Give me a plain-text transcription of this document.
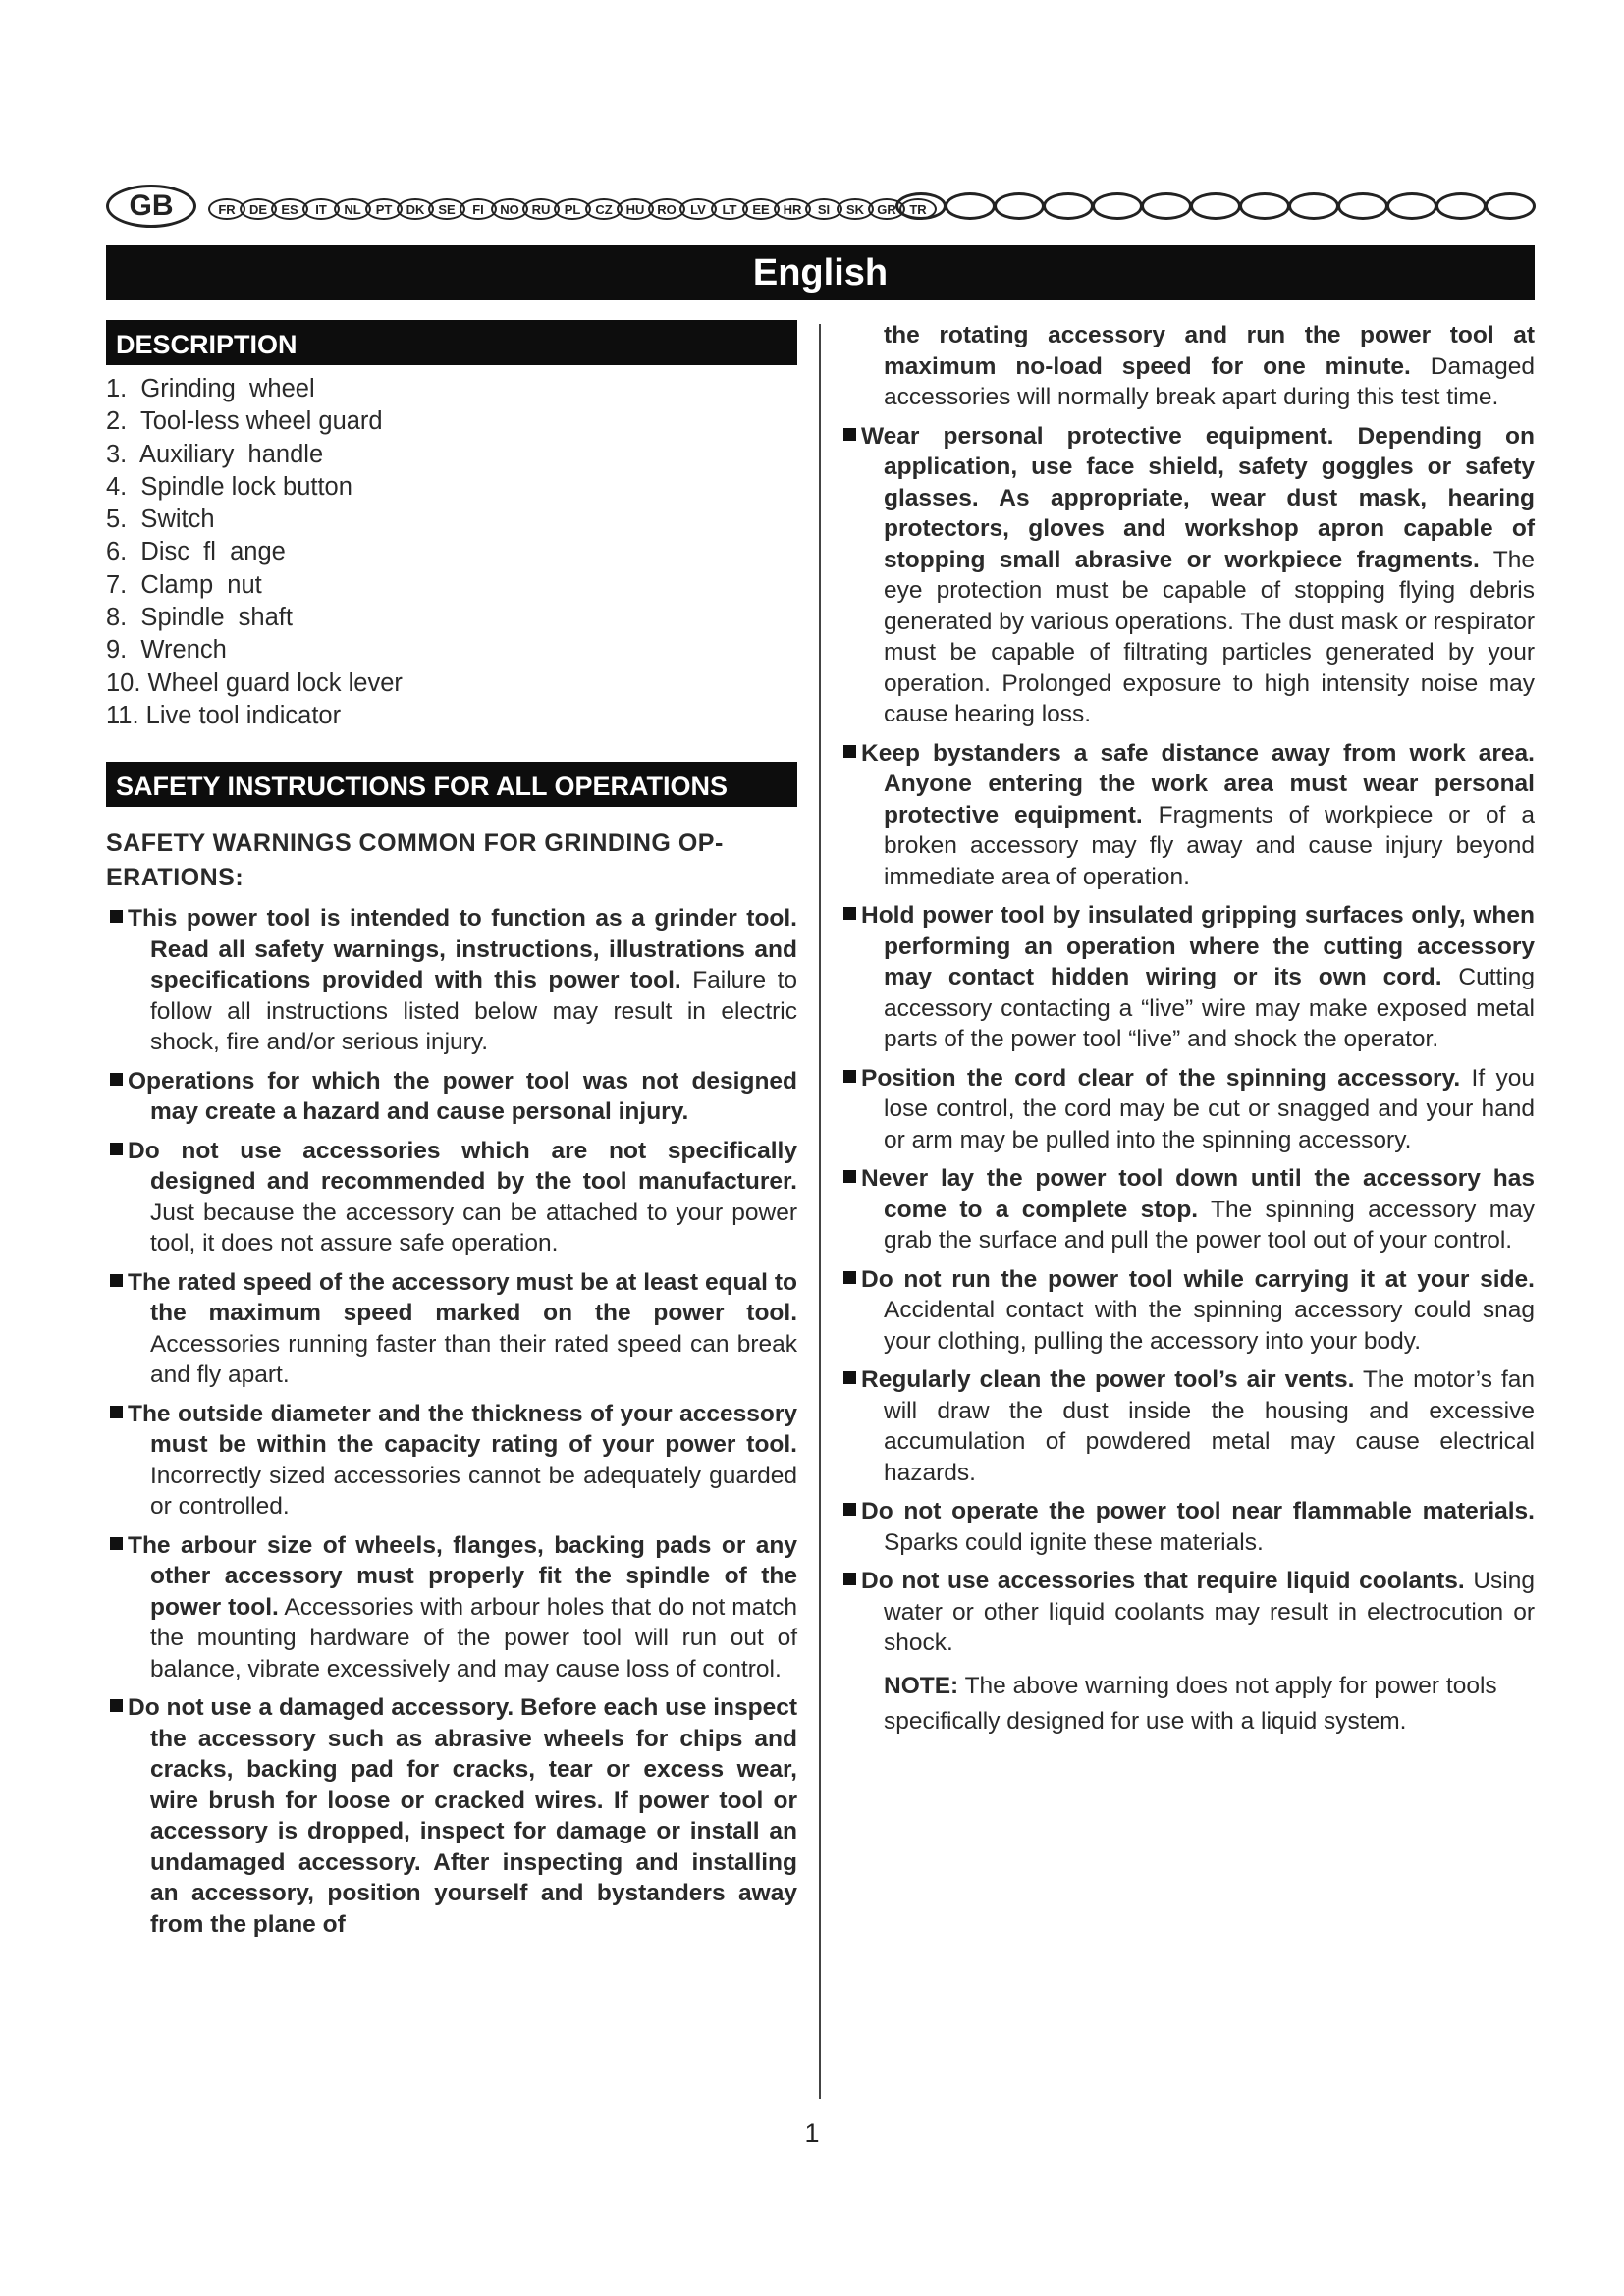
GB	FR	DE	ES	IT	NL	PT	DK	SE	FI	NO RU	PL	CZ	HU RO	LV	LT	EE	HR	SI	SK	GR	TR
English
DESCRIPTION
1.  Grinding  wheel
2.  Tool-less wheel guard
3.  Auxiliary  handle
4.  Spindle lock button
5.  Switch
6.  Disc  fl  ange
7.  Clamp  nut
8.  Spindle  shaft
9.  Wrench
10. Wheel guard lock lever
11. Live tool indicator
SAFETY INSTRUCTIONS FOR ALL OPERATIONS
SAFETY WARNINGS COMMON FOR GRINDING OP-ERATIONS:
This power tool is intended to function as a grinder tool. Read all safety warnings, instructions, illustrations and specifications provided with this power tool. Failure to follow all instructions listed below may result in electric shock, fire and/or serious injury.
Operations for which the power tool was not designed may create a hazard and cause personal injury.
Do not use accessories which are not specifically designed and recommended by the tool manufacturer. Just because the accessory can be attached to your power tool, it does not assure safe operation.
The rated speed of the accessory must be at least equal to the maximum speed marked on the power tool. Accessories running faster than their rated speed can break and fly apart.
The outside diameter and the thickness of your accessory must be within the capacity rating of your power tool. Incorrectly sized accessories cannot be adequately guarded or controlled.
The arbour size of wheels, flanges, backing pads or any other accessory must properly fit the spindle of the power tool. Accessories with arbour holes that do not match the mounting hardware of the power tool will run out of balance, vibrate excessively and may cause loss of control.
Do not use a damaged accessory. Before each use inspect the accessory such as abrasive wheels for chips and cracks, backing pad for cracks, tear or excess wear, wire brush for loose or cracked wires. If power tool or accessory is dropped, inspect for damage or install an undamaged accessory. After inspecting and installing an accessory, position yourself and bystanders away from the plane of
the rotating accessory and run the power tool at maximum no-load speed for one minute. Damaged accessories will normally break apart during this test time.
Wear personal protective equipment. Depending on application, use face shield, safety goggles or safety glasses. As appropriate, wear dust mask, hearing protectors, gloves and workshop apron capable of stopping small abrasive or workpiece fragments. The eye protection must be capable of stopping flying debris generated by various operations. The dust mask or respirator must be capable of filtrating particles generated by your operation. Prolonged exposure to high intensity noise may cause hearing loss.
Keep bystanders a safe distance away from work area. Anyone entering the work area must wear personal protective equipment. Fragments of workpiece or of a broken accessory may fly away and cause injury beyond immediate area of operation.
Hold power tool by insulated gripping surfaces only, when performing an operation where the cutting accessory may contact hidden wiring or its own cord. Cutting accessory contacting a “live” wire may make exposed metal parts of the power tool “live” and shock the operator.
Position the cord clear of the spinning accessory. If you lose control, the cord may be cut or snagged and your hand or arm may be pulled into the spinning accessory.
Never lay the power tool down until the accessory has come to a complete stop. The spinning accessory may grab the surface and pull the power tool out of your control.
Do not run the power tool while carrying it at your side. Accidental contact with the spinning accessory could snag your clothing, pulling the accessory into your body.
Regularly clean the power tool’s air vents. The motor’s fan will draw the dust inside the housing and excessive accumulation of powdered metal may cause electrical hazards.
Do not operate the power tool near flammable materials. Sparks could ignite these materials.
Do not use accessories that require liquid coolants. Using water or other liquid coolants may result in electrocution or shock.
NOTE: The above warning does not apply for power tools specifically designed for use with a liquid system.
1
